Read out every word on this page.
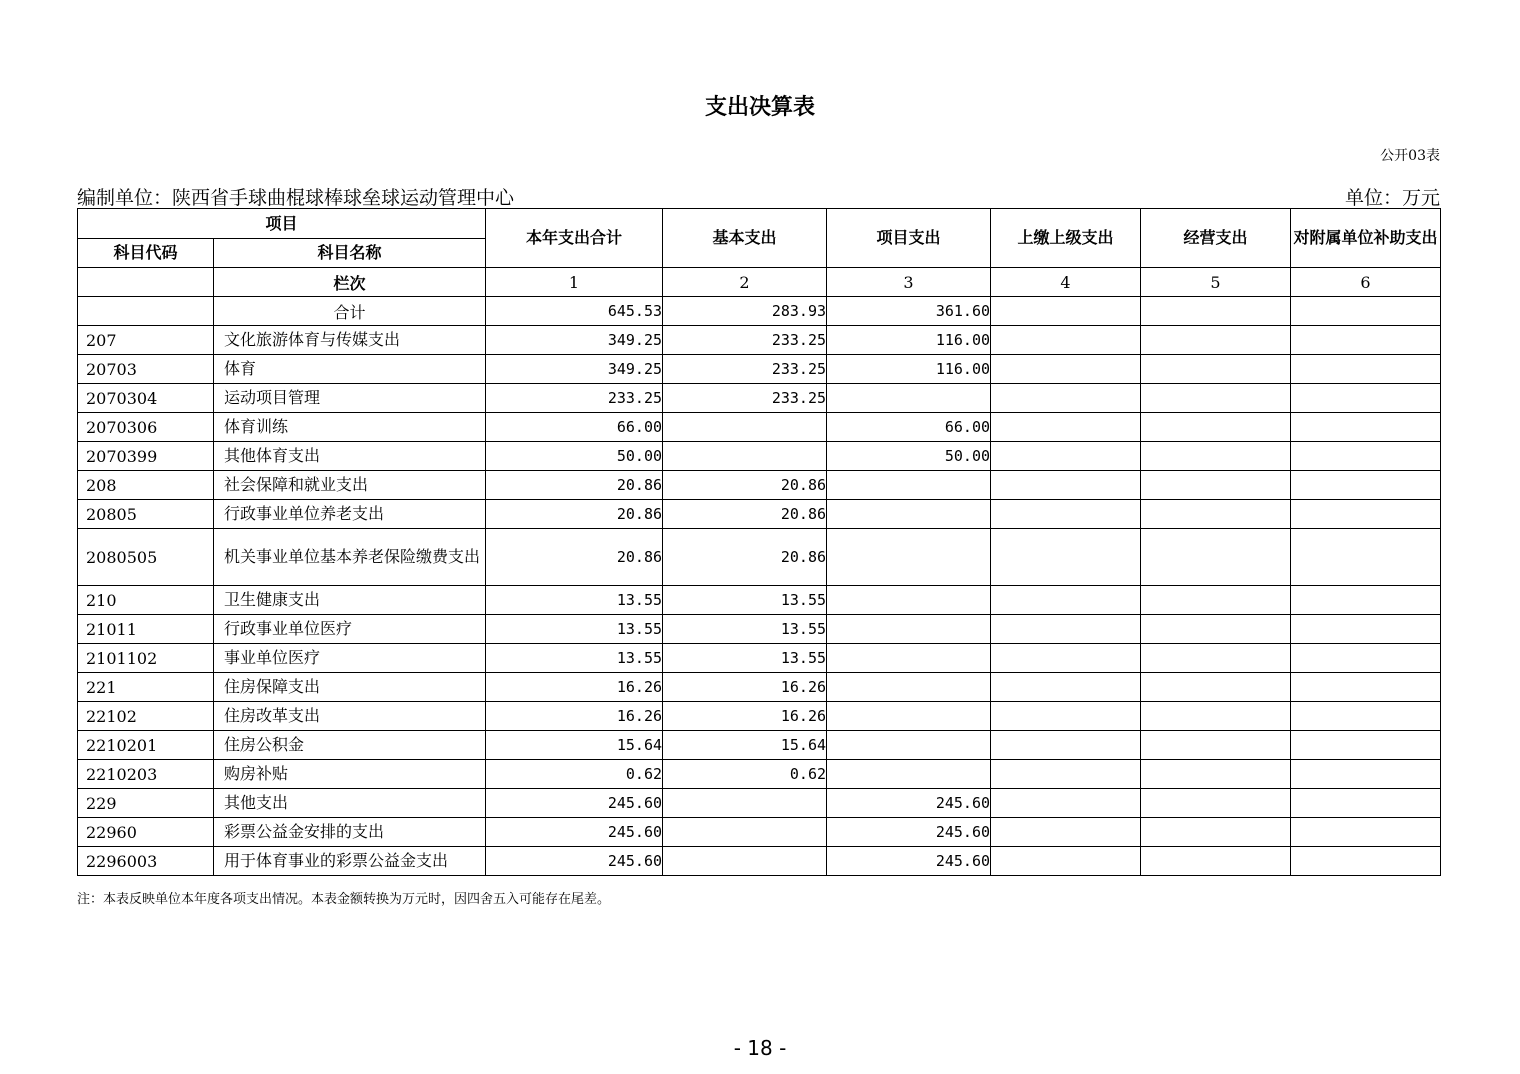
支出决算表
公开03表
编制单位：陕西省手球曲棍球棒球垒球运动管理中心	单位：万元
项目		本年支出合计	基本支出	项目支出	上缴上级支出	经营支出	对附属单位补助支出
科目代码	科目名称						
	栏次	1	2	3	4	5	6
	合计	645.53	283.93	361.60			
207	文化旅游体育与传媒支出	349.25	233.25	116.00			
20703	体育	349.25	233.25	116.00			
2070304	运动项目管理	233.25	233.25				
2070306	体育训练	66.00		66.00			
2070399	其他体育支出	50.00		50.00			
208	社会保障和就业支出	20.86	20.86				
20805	行政事业单位养老支出	20.86	20.86				
2080505	机关事业单位基本养老保险缴费支出	20.86	20.86				
210	卫生健康支出	13.55	13.55				
21011	行政事业单位医疗	13.55	13.55				
2101102	事业单位医疗	13.55	13.55				
221	住房保障支出	16.26	16.26				
22102	住房改革支出	16.26	16.26				
2210201	住房公积金	15.64	15.64				
2210203	购房补贴	0.62	0.62				
229	其他支出	245.60		245.60			
22960	彩票公益金安排的支出	245.60		245.60			
2296003	用于体育事业的彩票公益金支出	245.60		245.60			
注：本表反映单位本年度各项支出情况。本表金额转换为万元时，因四舍五入可能存在尾差。
- 18 -
